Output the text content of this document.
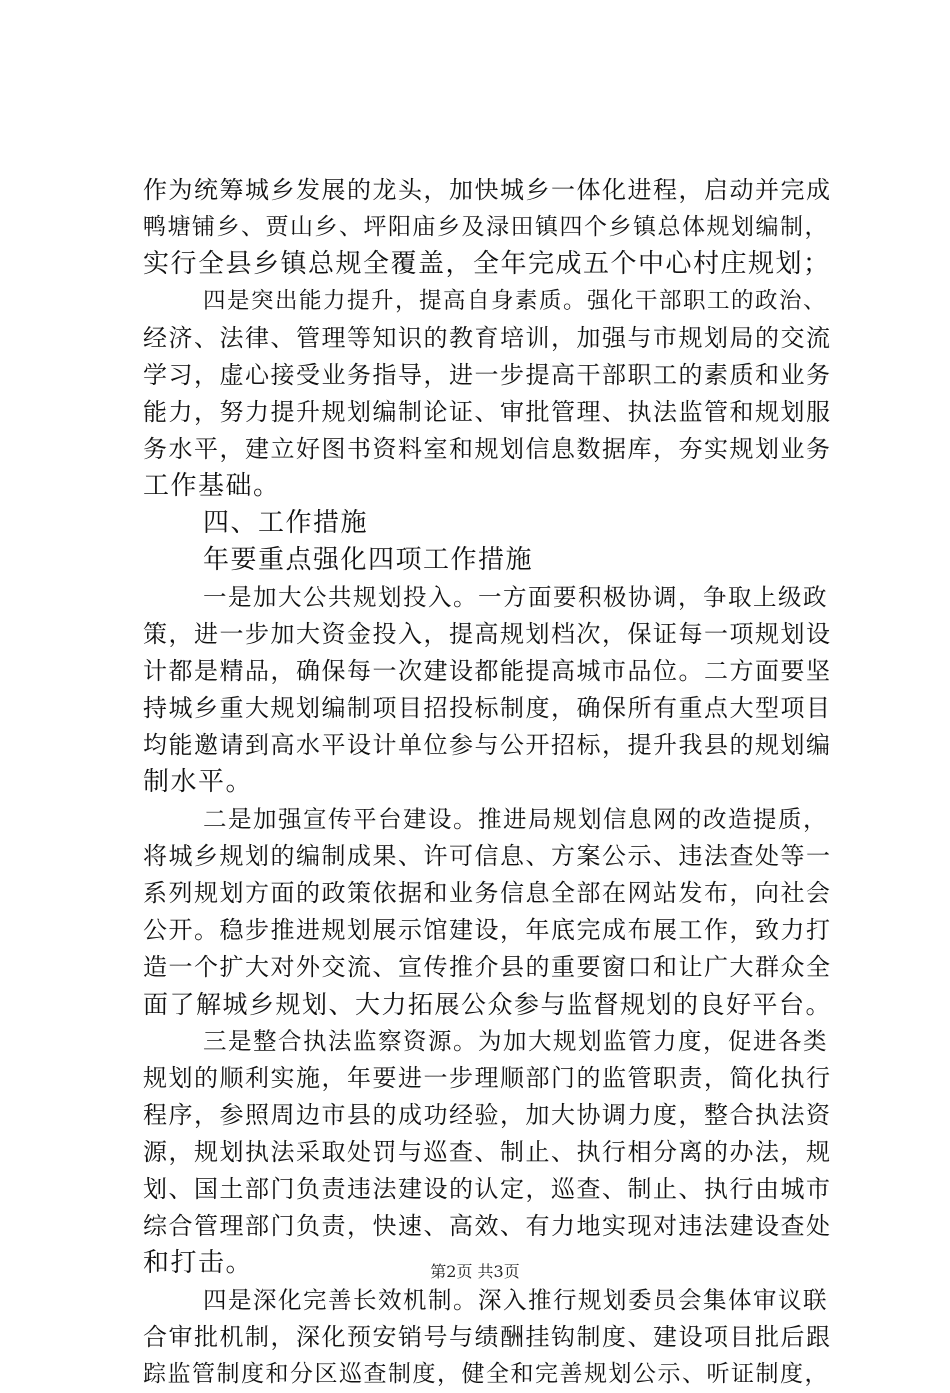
作为统筹城乡发展的龙头，加快城乡一体化进程，启动并完成
鸭塘铺乡、贾山乡、坪阳庙乡及渌田镇四个乡镇总体规划编制，
实行全县乡镇总规全覆盖，全年完成五个中心村庄规划；
四是突出能力提升，提高自身素质。强化干部职工的政治、
经济、法律、管理等知识的教育培训，加强与市规划局的交流
学习，虚心接受业务指导，进一步提高干部职工的素质和业务
能力，努力提升规划编制论证、审批管理、执法监管和规划服
务水平，建立好图书资料室和规划信息数据库，夯实规划业务
工作基础。
四、工作措施
年要重点强化四项工作措施
一是加大公共规划投入。一方面要积极协调，争取上级政
策，进一步加大资金投入，提高规划档次，保证每一项规划设
计都是精品，确保每一次建设都能提高城市品位。二方面要坚
持城乡重大规划编制项目招投标制度，确保所有重点大型项目
均能邀请到高水平设计单位参与公开招标，提升我县的规划编
制水平。
二是加强宣传平台建设。推进局规划信息网的改造提质，
将城乡规划的编制成果、许可信息、方案公示、违法查处等一
系列规划方面的政策依据和业务信息全部在网站发布，向社会
公开。稳步推进规划展示馆建设，年底完成布展工作，致力打
造一个扩大对外交流、宣传推介县的重要窗口和让广大群众全
面了解城乡规划、大力拓展公众参与监督规划的良好平台。
三是整合执法监察资源。为加大规划监管力度，促进各类
规划的顺利实施，年要进一步理顺部门的监管职责，简化执行
程序，参照周边市县的成功经验，加大协调力度，整合执法资
源，规划执法采取处罚与巡查、制止、执行相分离的办法，规
划、国土部门负责违法建设的认定，巡查、制止、执行由城市
综合管理部门负责，快速、高效、有力地实现对违法建设查处
和打击。
四是深化完善长效机制。深入推行规划委员会集体审议联
合审批机制，深化预安销号与绩酬挂钩制度、建设项目批后跟
踪监管制度和分区巡查制度，健全和完善规划公示、听证制度，
第2页 共3页
